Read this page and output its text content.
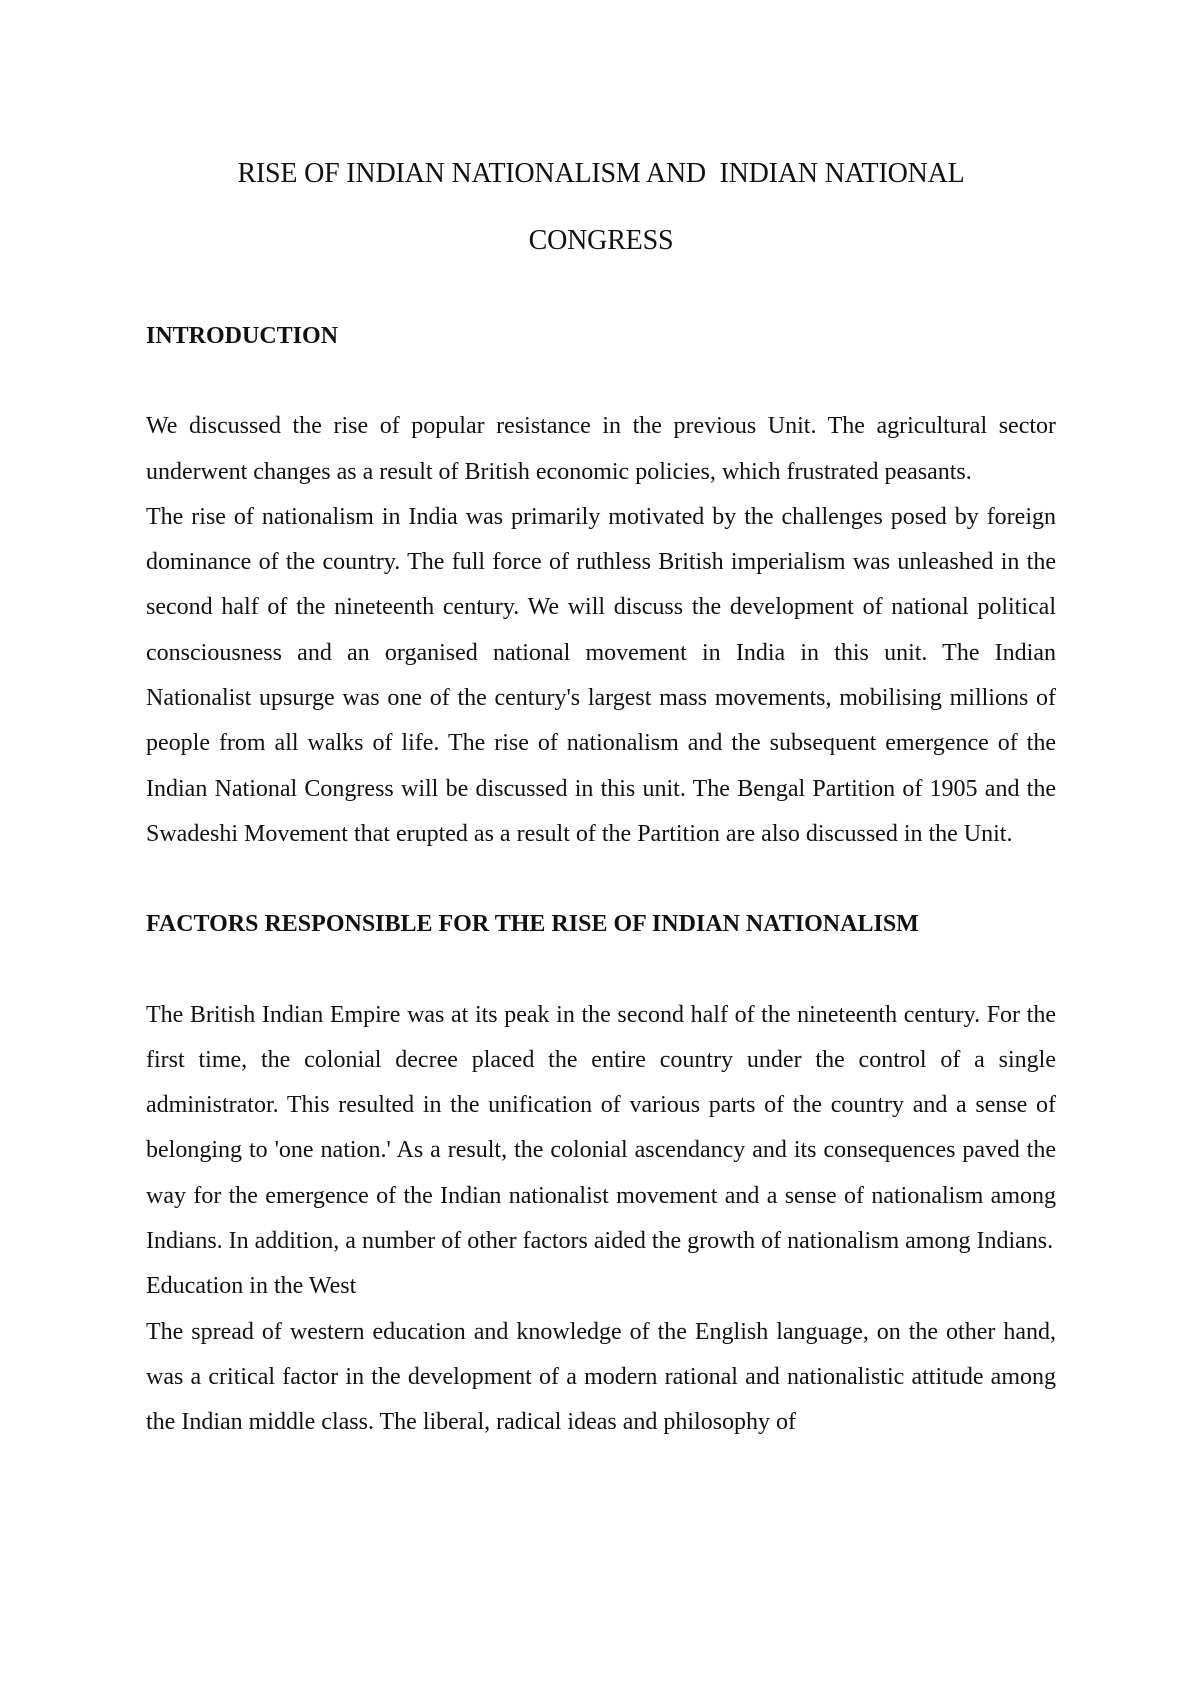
RISE OF INDIAN NATIONALISM AND  INDIAN NATIONAL
CONGRESS
INTRODUCTION

We discussed the rise of popular resistance in the previous Unit. The agricultural sector underwent changes as a result of British economic policies, which frustrated peasants.

The rise of nationalism in India was primarily motivated by the challenges posed by foreign dominance of the country. The full force of ruthless British imperialism was unleashed in the second half of the nineteenth century. We will discuss the development of national political consciousness and an organised national movement in India in this unit. The Indian Nationalist upsurge was one of the century's largest mass movements, mobilising millions of people from all walks of life. The rise of nationalism and the subsequent emergence of the Indian National Congress will be discussed in this unit. The Bengal Partition of 1905 and the Swadeshi Movement that erupted as a result of the Partition are also discussed in the Unit.

FACTORS RESPONSIBLE FOR THE RISE OF INDIAN NATIONALISM

The British Indian Empire was at its peak in the second half of the nineteenth century. For the first time, the colonial decree placed the entire country under the control of a single administrator. This resulted in the unification of various parts of the country and a sense of belonging to 'one nation.' As a result, the colonial ascendancy and its consequences paved the way for the emergence of the Indian nationalist movement and a sense of nationalism among Indians. In addition, a number of other factors aided the growth of nationalism among Indians.

Education in the West

The spread of western education and knowledge of the English language, on the other hand, was a critical factor in the development of a modern rational and nationalistic attitude among the Indian middle class. The liberal, radical ideas and philosophy of
